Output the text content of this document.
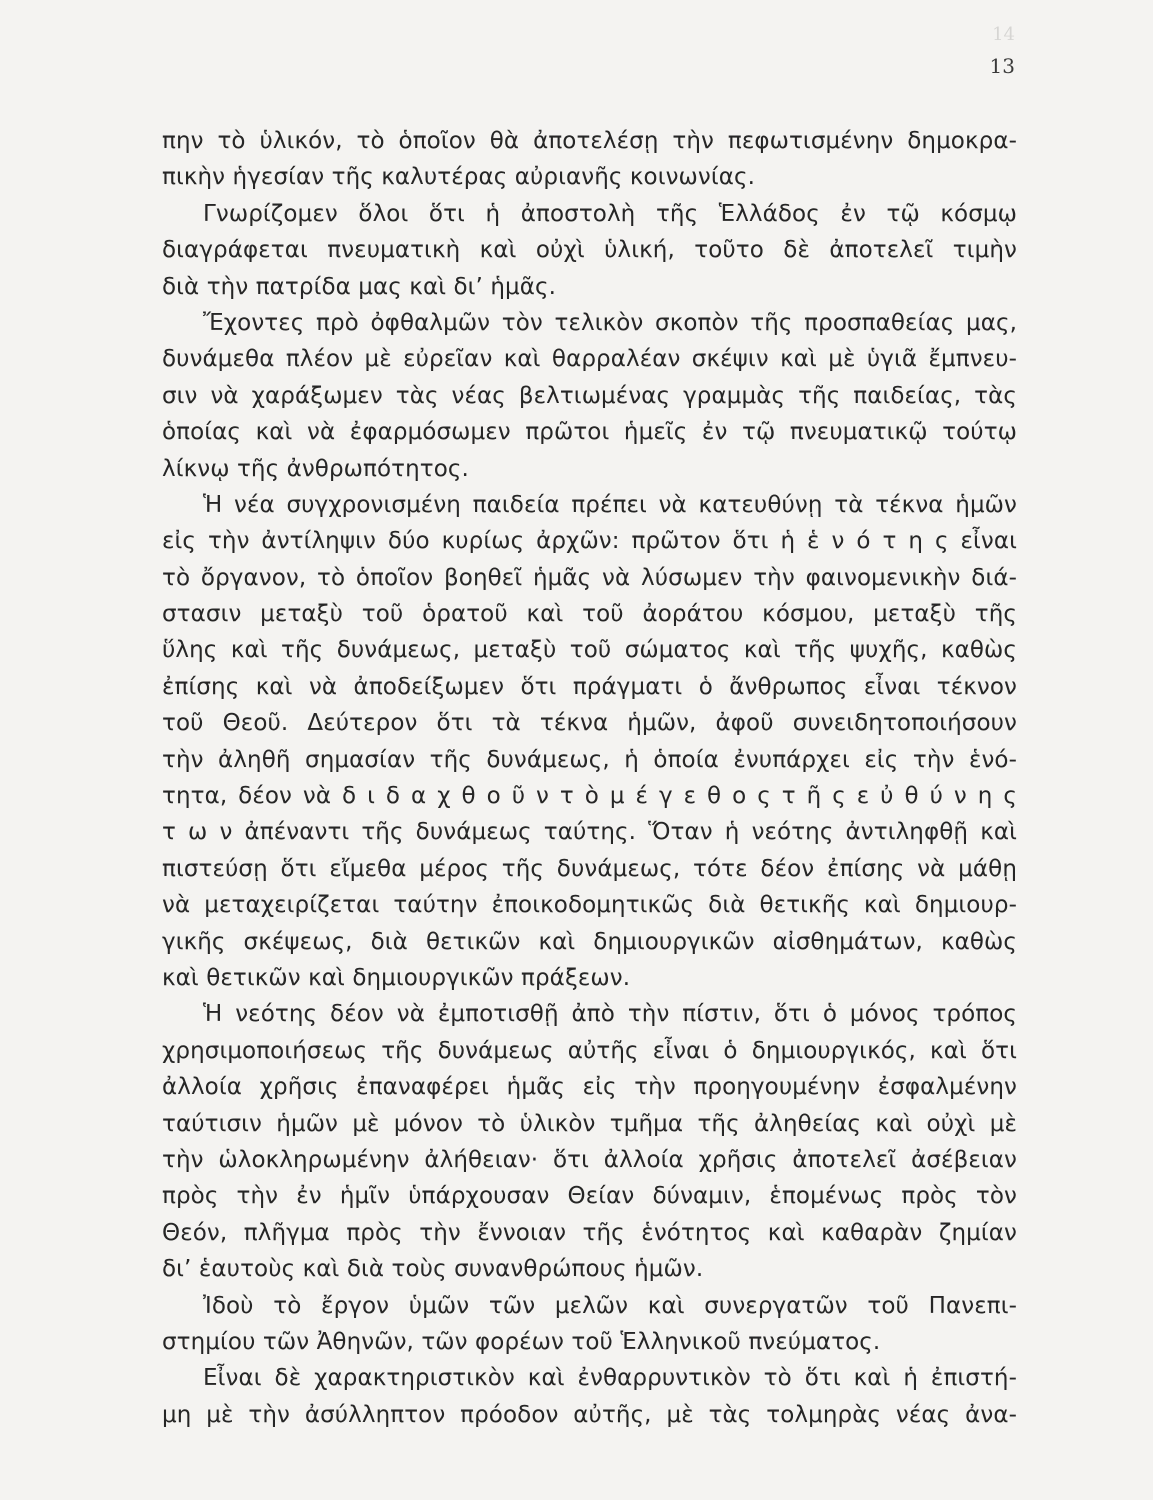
14
13
πην τὸ ὑλικόν, τὸ ὁποῖον θὰ ἀποτελέσῃ τὴν πεφωτισμένην δημοκρα-
πικὴν ἡγεσίαν τῆς καλυτέρας αὐριανῆς κοινωνίας.
Γνωρίζομεν ὅλοι ὅτι ἡ ἀποστολὴ τῆς Ἑλλάδος ἐν τῷ κόσμῳ
διαγράφεται πνευματικὴ καὶ οὐχὶ ὑλική, τοῦτο δὲ ἀποτελεῖ τιμὴν
διὰ τὴν πατρίδα μας καὶ δι’ ἡμᾶς.
Ἔχοντες πρὸ ὀφθαλμῶν τὸν τελικὸν σκοπὸν τῆς προσπαθείας μας,
δυνάμεθα πλέον μὲ εὐρεῖαν καὶ θαρραλέαν σκέψιν καὶ μὲ ὑγιᾶ ἔμπνευ-
σιν νὰ χαράξωμεν τὰς νέας βελτιωμένας γραμμὰς τῆς παιδείας, τὰς
ὁποίας καὶ νὰ ἐφαρμόσωμεν πρῶτοι ἡμεῖς ἐν τῷ πνευματικῷ τούτῳ
λίκνῳ τῆς ἀνθρωπότητος.
Ἡ νέα συγχρονισμένη παιδεία πρέπει νὰ κατευθύνῃ τὰ τέκνα ἡμῶν
εἰς τὴν ἀντίληψιν δύο κυρίως ἀρχῶν: πρῶτον ὅτι ἡ ἑ ν ό τ η ς εἶναι
τὸ ὄργανον, τὸ ὁποῖον βοηθεῖ ἡμᾶς νὰ λύσωμεν τὴν φαινομενικὴν διά-
στασιν μεταξὺ τοῦ ὁρατοῦ καὶ τοῦ ἀοράτου κόσμου, μεταξὺ τῆς
ὕλης καὶ τῆς δυνάμεως, μεταξὺ τοῦ σώματος καὶ τῆς ψυχῆς, καθὼς
ἐπίσης καὶ νὰ ἀποδείξωμεν ὅτι πράγματι ὁ ἄνθρωπος εἶναι τέκνον
τοῦ Θεοῦ. Δεύτερον ὅτι τὰ τέκνα ἡμῶν, ἀφοῦ συνειδητοποιήσουν
τὴν ἀληθῆ σημασίαν τῆς δυνάμεως, ἡ ὁποία ἐνυπάρχει εἰς τὴν ἑνό-
τητα, δέον νὰ δ ι δ α χ θ ο ῦ ν τ ὸ μ έ γ ε θ ο ς τ ῆ ς ε ὐ θ ύ ν η ς
τ ω ν ἀπέναντι τῆς δυνάμεως ταύτης. Ὅταν ἡ νεότης ἀντιληφθῇ καὶ
πιστεύσῃ ὅτι εἴμεθα μέρος τῆς δυνάμεως, τότε δέον ἐπίσης νὰ μάθῃ
νὰ μεταχειρίζεται ταύτην ἐποικοδομητικῶς διὰ θετικῆς καὶ δημιουρ-
γικῆς σκέψεως, διὰ θετικῶν καὶ δημιουργικῶν αἰσθημάτων, καθὼς
καὶ θετικῶν καὶ δημιουργικῶν πράξεων.
Ἡ νεότης δέον νὰ ἐμποτισθῇ ἀπὸ τὴν πίστιν, ὅτι ὁ μόνος τρόπος
χρησιμοποιήσεως τῆς δυνάμεως αὐτῆς εἶναι ὁ δημιουργικός, καὶ ὅτι
ἀλλοία χρῆσις ἐπαναφέρει ἡμᾶς εἰς τὴν προηγουμένην ἐσφαλμένην
ταύτισιν ἡμῶν μὲ μόνον τὸ ὑλικὸν τμῆμα τῆς ἀληθείας καὶ οὐχὶ μὲ
τὴν ὡλοκληρωμένην ἀλήθειαν· ὅτι ἀλλοία χρῆσις ἀποτελεῖ ἀσέβειαν
πρὸς τὴν ἐν ἡμῖν ὑπάρχουσαν Θείαν δύναμιν, ἑπομένως πρὸς τὸν
Θεόν, πλῆγμα πρὸς τὴν ἔννοιαν τῆς ἑνότητος καὶ καθαρὰν ζημίαν
δι’ ἑαυτοὺς καὶ διὰ τοὺς συνανθρώπους ἡμῶν.
Ἰδοὺ τὸ ἔργον ὑμῶν τῶν μελῶν καὶ συνεργατῶν τοῦ Πανεπι-
στημίου τῶν Ἀθηνῶν, τῶν φορέων τοῦ Ἑλληνικοῦ πνεύματος.
Εἶναι δὲ χαρακτηριστικὸν καὶ ἐνθαρρυντικὸν τὸ ὅτι καὶ ἡ ἐπιστή-
μη μὲ τὴν ἀσύλληπτον πρόοδον αὐτῆς, μὲ τὰς τολμηρὰς νέας ἀνα-
